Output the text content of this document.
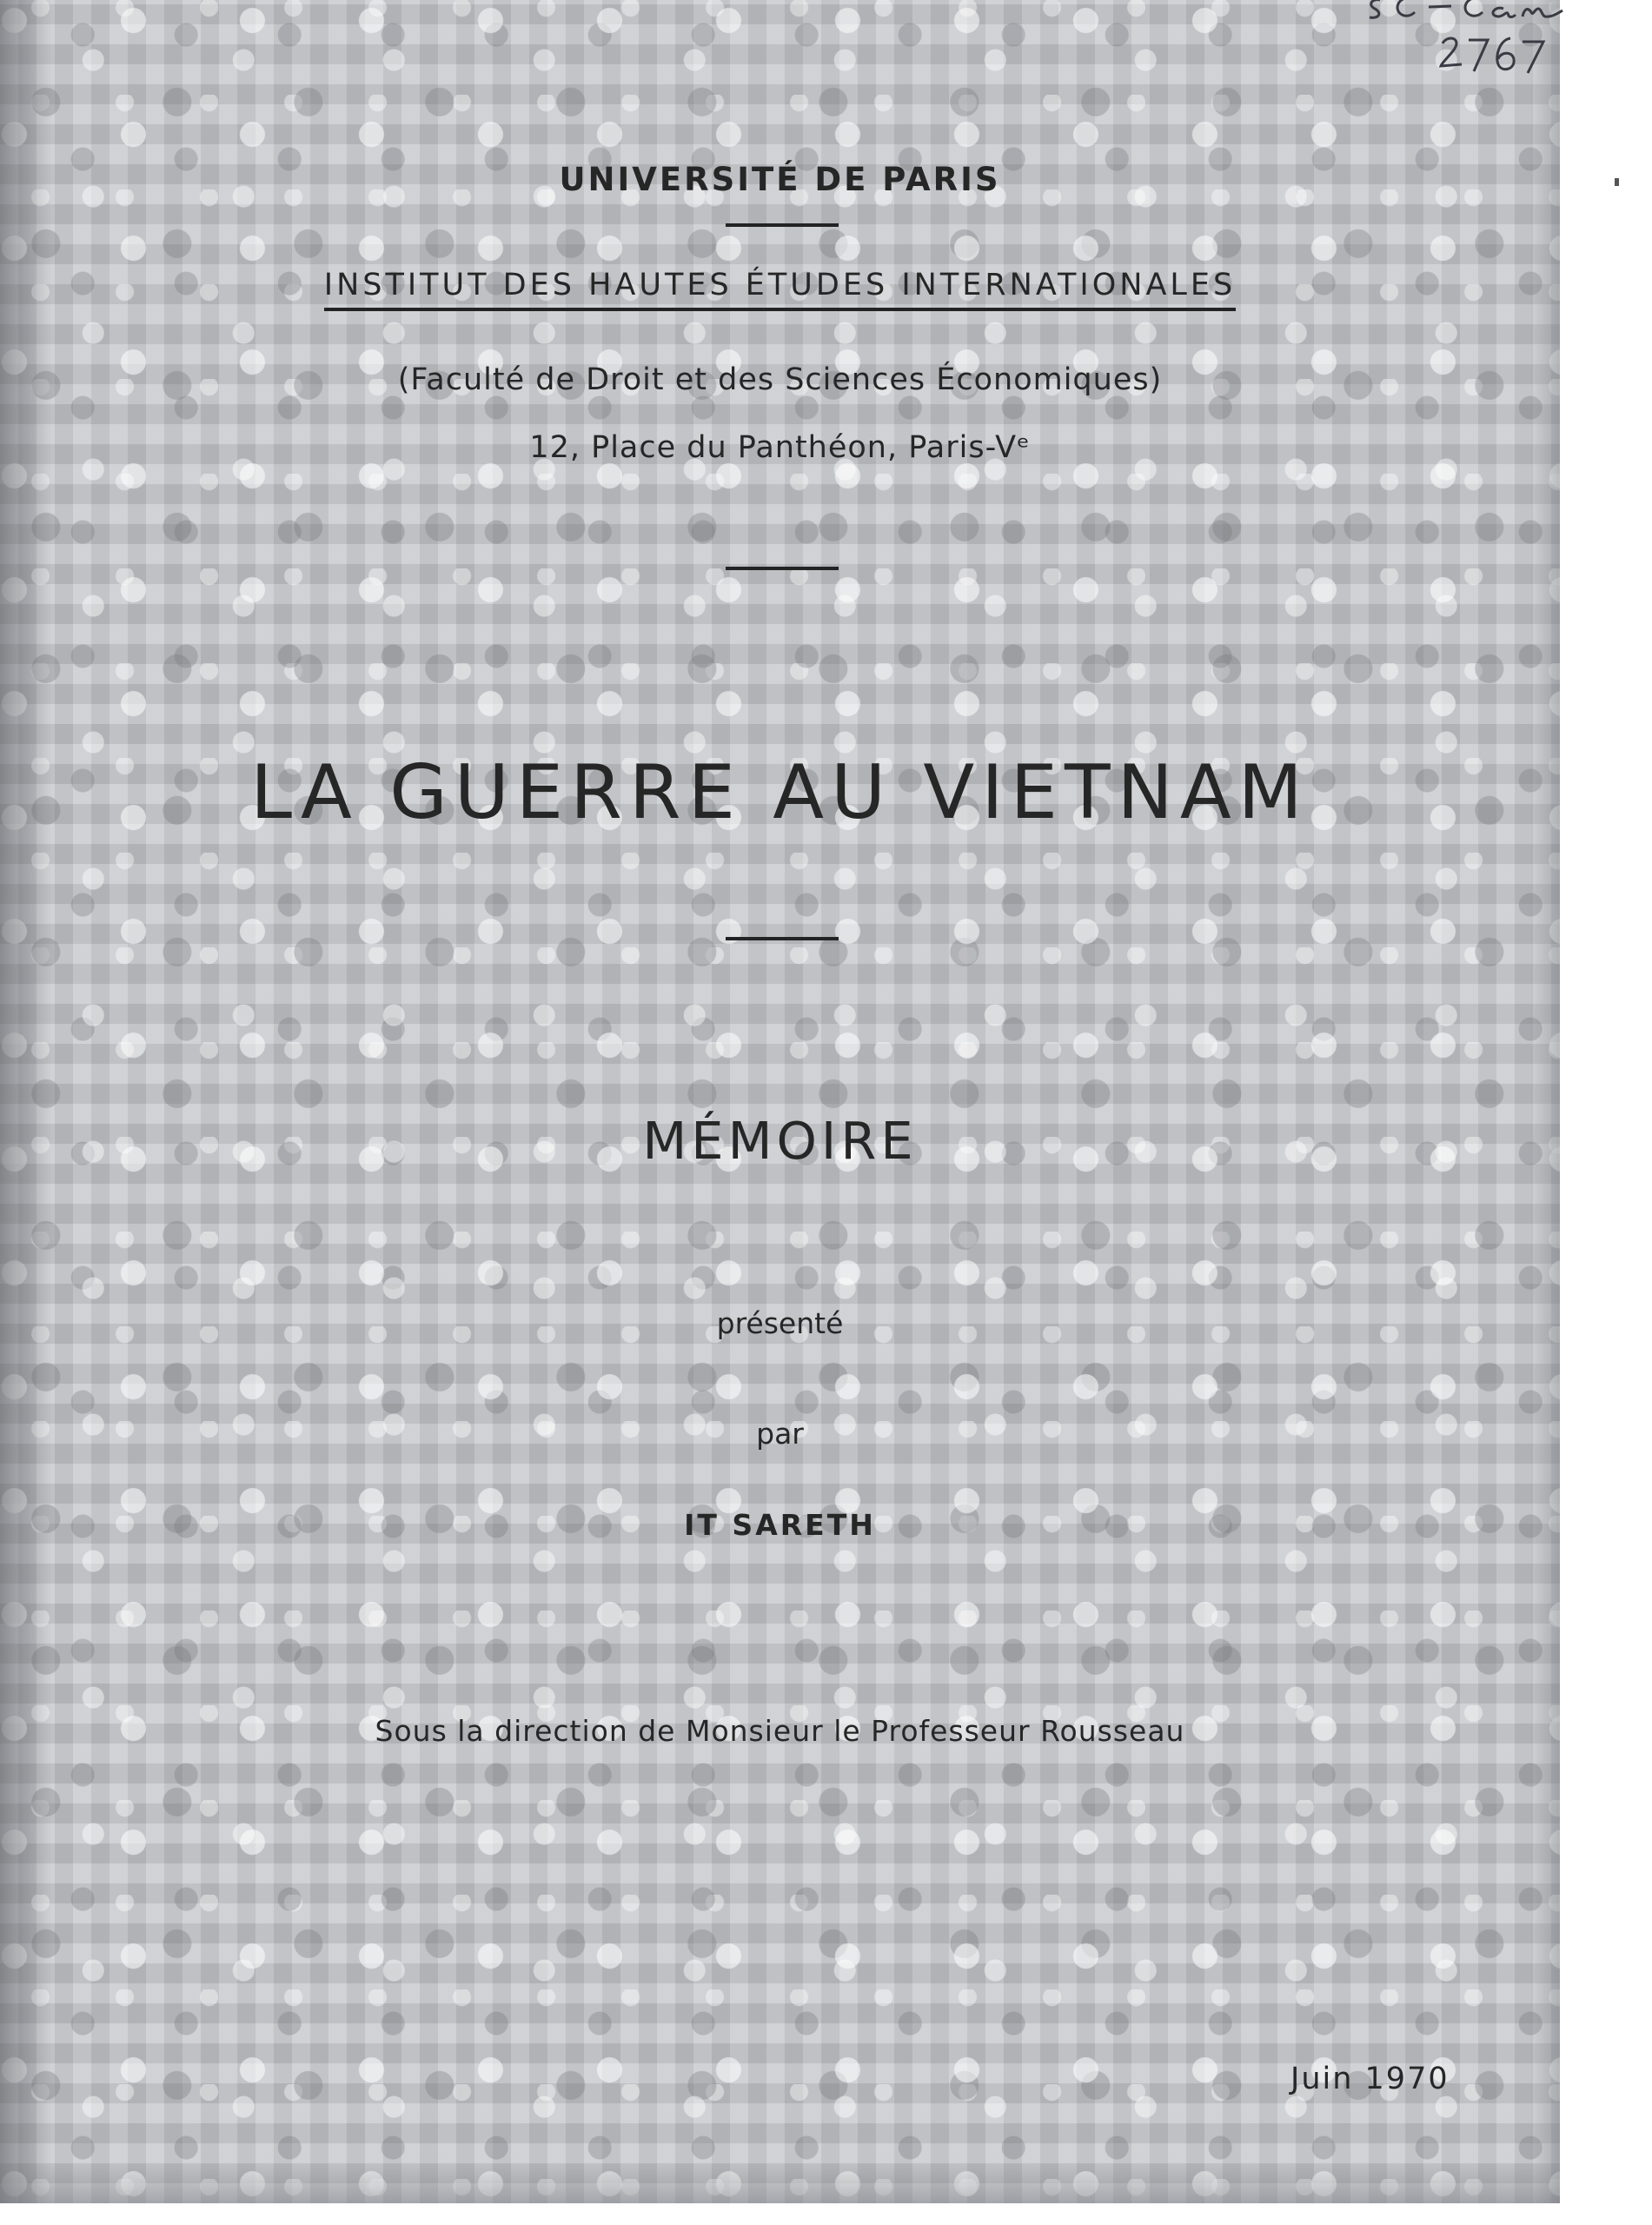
UNIVERSITÉ DE PARIS
INSTITUT DES HAUTES ÉTUDES INTERNATIONALES
(Faculté de Droit et des Sciences Économiques)
12, Place du Panthéon, Paris-Vᵉ
LA GUERRE AU VIETNAM
MÉMOIRE
présenté
par
IT SARETH
Sous la direction de Monsieur le Professeur Rousseau
Juin 1970
